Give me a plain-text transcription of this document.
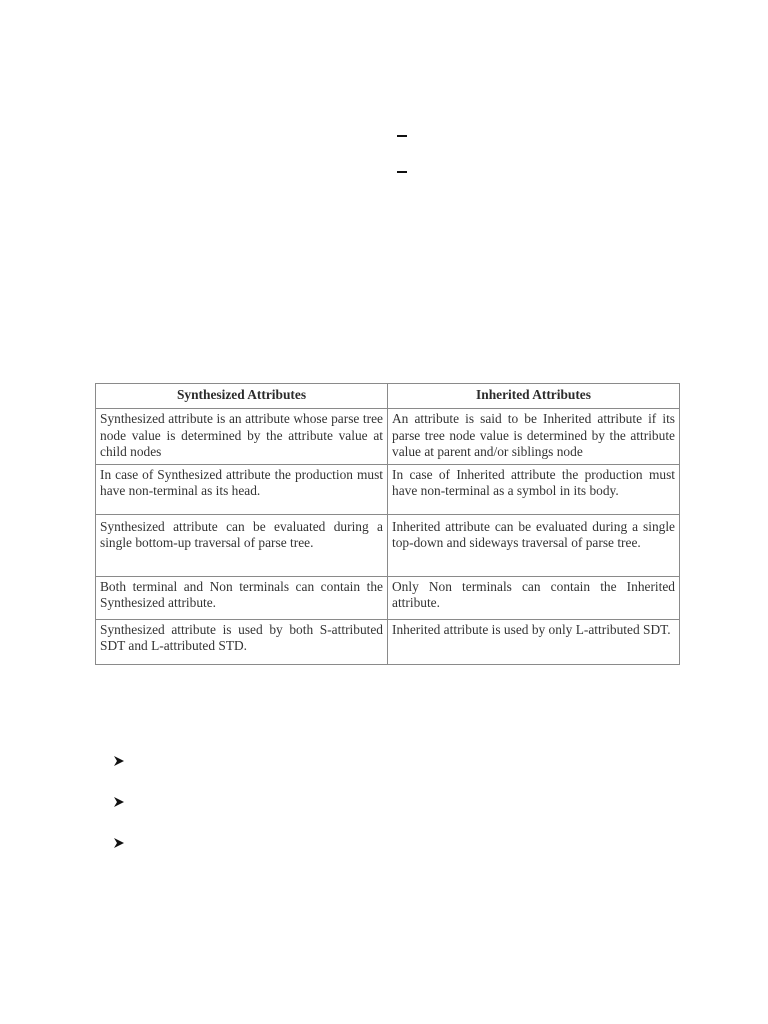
Synthesized Attributes	Inherited Attributes
Synthesized attribute is an attribute whose parse tree node value is determined by the attribute value at child nodes	An attribute is said to be Inherited attribute if its parse tree node value is determined by the attribute value at parent and/or siblings node
In case of Synthesized attribute the production must have non-terminal as its head.	In case of Inherited attribute the production must have non-terminal as a symbol in its body.
Synthesized attribute can be evaluated during a single bottom-up traversal of parse tree.	Inherited attribute can be evaluated during a single top-down and sideways traversal of parse tree.
Both terminal and Non terminals can contain the Synthesized attribute.	Only Non terminals can contain the Inherited attribute.
Synthesized attribute is used by both S-attributed SDT and L-attributed STD.	Inherited attribute is used by only L-attributed SDT.
